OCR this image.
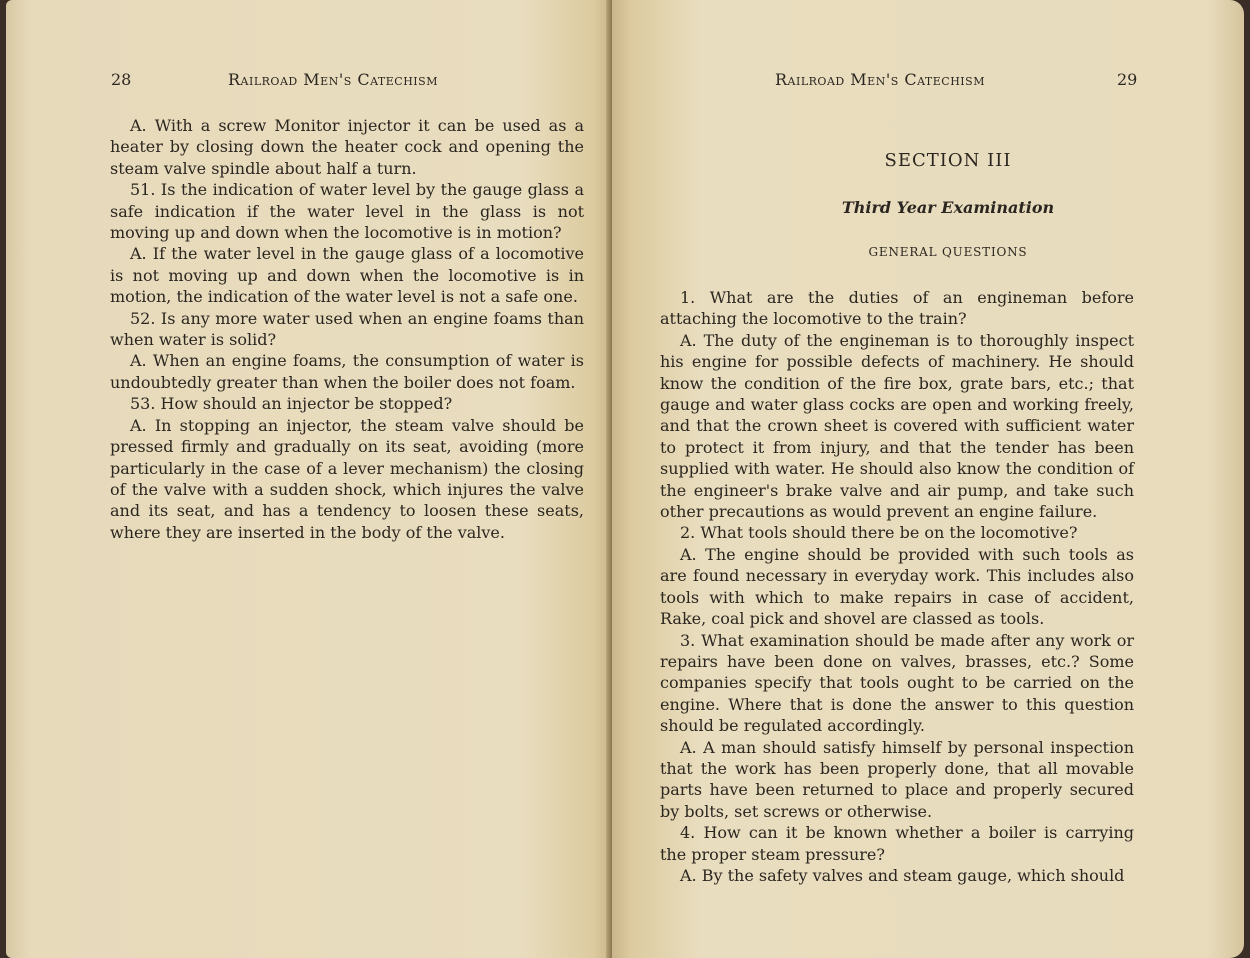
28	Railroad Men's Catechism

A. With a screw Monitor injector it can be used as a heater by closing down the heater cock and opening the steam valve spindle about half a turn.

51. Is the indication of water level by the gauge glass a safe indication if the water level in the glass is not moving up and down when the locomotive is in motion?

A. If the water level in the gauge glass of a locomotive is not moving up and down when the locomotive is in motion, the indication of the water level is not a safe one.

52. Is any more water used when an engine foams than when water is solid?

A. When an engine foams, the consumption of water is undoubtedly greater than when the boiler does not foam.

53. How should an injector be stopped?

A. In stopping an injector, the steam valve should be pressed firmly and gradually on its seat, avoiding (more particularly in the case of a lever mechanism) the closing of the valve with a sudden shock, which injures the valve and its seat, and has a tendency to loosen these seats, where they are inserted in the body of the valve.

Railroad Men's Catechism	29
SECTION III
Third Year Examination
GENERAL QUESTIONS

1. What are the duties of an engineman before attaching the locomotive to the train?

A. The duty of the engineman is to thoroughly inspect his engine for possible defects of machinery. He should know the condition of the fire box, grate bars, etc.; that gauge and water glass cocks are open and working freely, and that the crown sheet is covered with sufficient water to protect it from injury, and that the tender has been supplied with water. He should also know the condition of the engineer's brake valve and air pump, and take such other precautions as would prevent an engine failure.

2. What tools should there be on the locomotive?

A. The engine should be provided with such tools as are found necessary in everyday work. This includes also tools with which to make repairs in case of accident, Rake, coal pick and shovel are classed as tools.

3. What examination should be made after any work or repairs have been done on valves, brasses, etc.? Some companies specify that tools ought to be carried on the engine. Where that is done the answer to this question should be regulated accordingly.

A. A man should satisfy himself by personal inspection that the work has been properly done, that all movable parts have been returned to place and properly secured by bolts, set screws or otherwise.

4. How can it be known whether a boiler is carrying the proper steam pressure?

A. By the safety valves and steam gauge, which should
